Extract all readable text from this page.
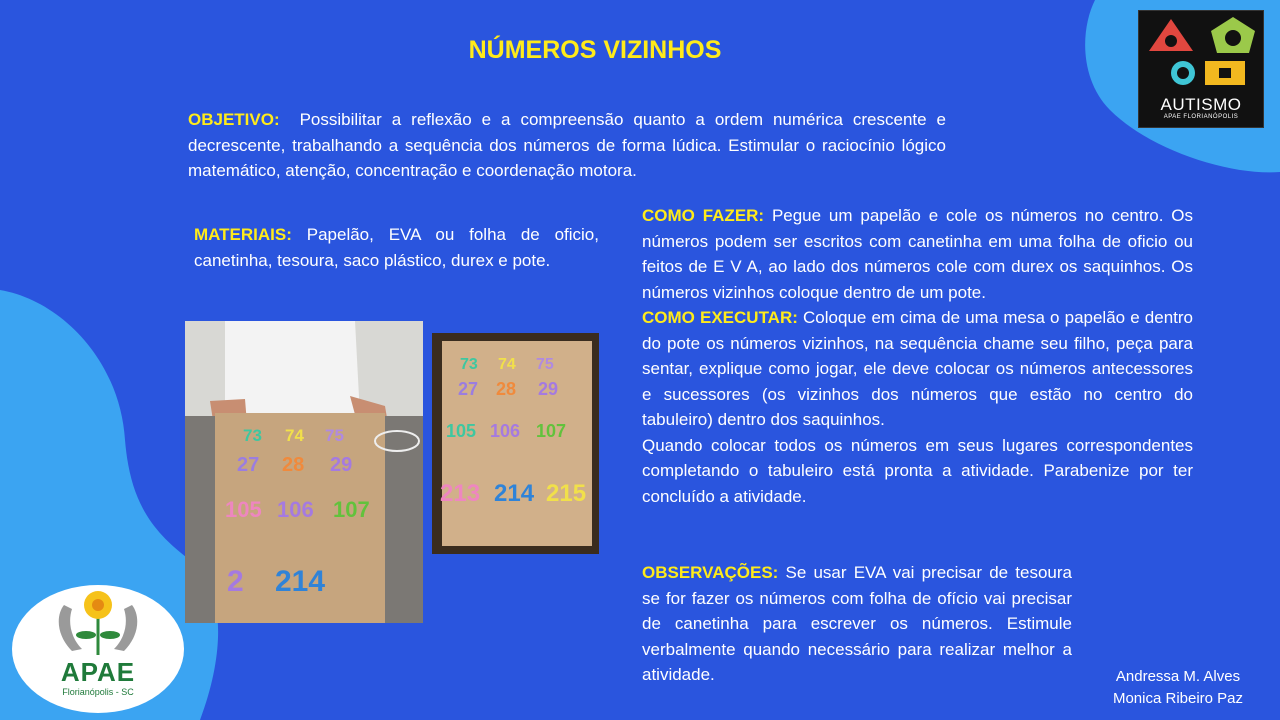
NÚMEROS VIZINHOS
OBJETIVO: Possibilitar a reflexão e a compreensão quanto a ordem numérica crescente e decrescente, trabalhando a sequência dos números de forma lúdica. Estimular o raciocínio lógico matemático, atenção, concentração e coordenação motora.
MATERIAIS: Papelão, EVA ou folha de oficio, canetinha, tesoura, saco plástico, durex e pote.
COMO FAZER: Pegue um papelão e cole os números no centro. Os números podem ser escritos com canetinha em uma folha de oficio ou feitos de E V A, ao lado dos números cole com durex os saquinhos. Os números vizinhos coloque dentro de um pote.
COMO EXECUTAR: Coloque em cima de uma mesa o papelão e dentro do pote os números vizinhos, na sequência chame seu filho, peça para sentar, explique como jogar, ele deve colocar os números antecessores e sucessores (os vizinhos dos números que estão no centro do tabuleiro) dentro dos saquinhos.
Quando colocar todos os números em seus lugares correspondentes completando o tabuleiro está pronta a atividade. Parabenize por ter concluído a atividade.
OBSERVAÇÕES: Se usar EVA vai precisar de tesoura se for fazer os números com folha de ofício vai precisar de canetinha para escrever os números. Estimule verbalmente quando necessário para realizar melhor a atividade.	Andressa M. Alves
Monica Ribeiro Paz
73 74 75
27 28 29
105 106 107
2 214
73 74 75
27 28 29
105 106 107
213 214 215
AUTISMO
APAE FLORIANÓPOLIS
APAE
Florianópolis - SC
